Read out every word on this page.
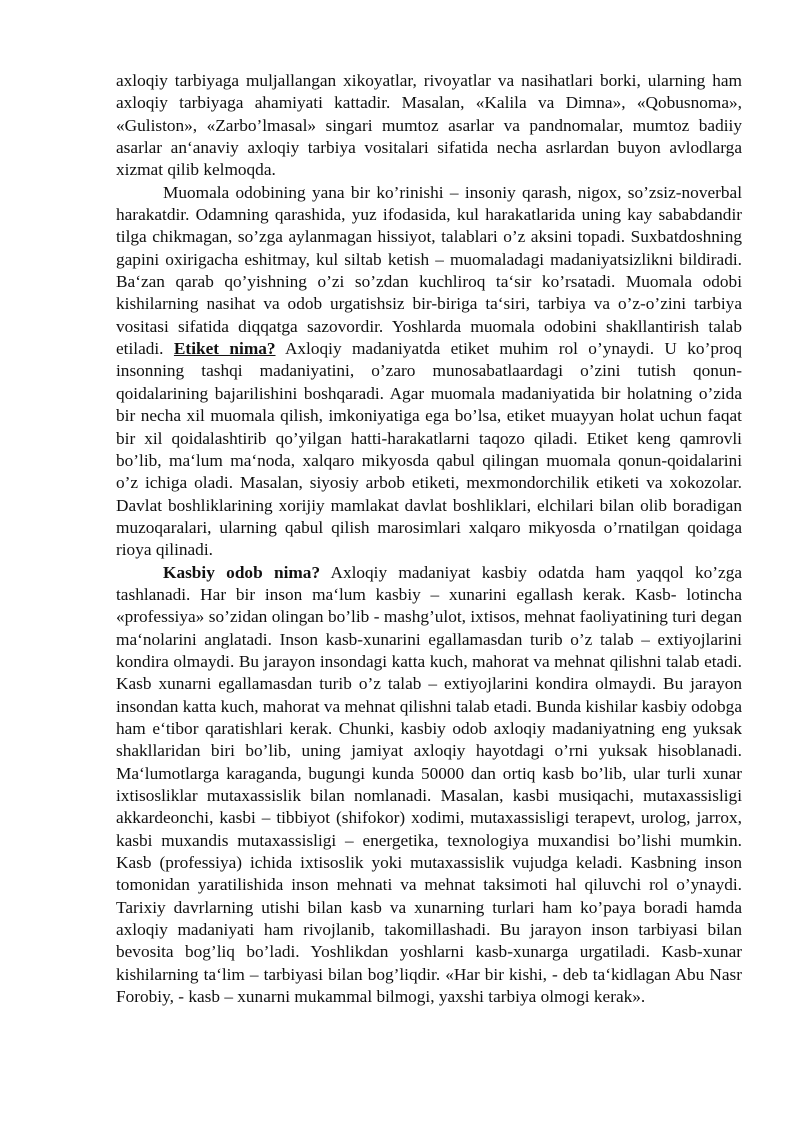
axloqiy tarbiyaga muljallangan xikoyatlar, rivoyatlar va nasihatlari borki, ularning ham axloqiy tarbiyaga ahamiyati kattadir. Masalan, «Kalila va Dimna», «Qobusnoma», «Guliston», «Zarbo’lmasal» singari mumtoz asarlar va pandnomalar, mumtoz badiiy asarlar an‘anaviy axloqiy tarbiya vositalari sifatida necha asrlardan buyon avlodlarga xizmat qilib kelmoqda.

Muomala odobining yana bir ko’rinishi – insoniy qarash, nigox, so’zsiz-noverbal harakatdir. Odamning qarashida, yuz ifodasida, kul harakatlarida uning kay sababdandir tilga chikmagan, so’zga aylanmagan hissiyot, talablari o’z aksini topadi. Suxbatdoshning gapini oxirigacha eshitmay, kul siltab ketish – muomaladagi madaniyatsizlikni bildiradi. Ba‘zan qarab qo’yishning o’zi so’zdan kuchliroq ta‘sir ko’rsatadi. Muomala odobi kishilarning nasihat va odob urgatishsiz bir-biriga ta‘siri, tarbiya va o’z-o’zini tarbiya vositasi sifatida diqqatga sazovordir. Yoshlarda muomala odobini shakllantirish talab etiladi. Etiket nima? Axloqiy madaniyatda etiket muhim rol o’ynaydi. U ko’proq insonning tashqi madaniyatini, o’zaro munosabatlaardagi o’zini tutish qonun-qoidalarining bajarilishini boshqaradi. Agar muomala madaniyatida bir holatning o’zida bir necha xil muomala qilish, imkoniyatiga ega bo’lsa, etiket muayyan holat uchun faqat bir xil qoidalashtirib qo’yilgan hatti-harakatlarni taqozo qiladi. Etiket keng qamrovli bo’lib, ma‘lum ma‘noda, xalqaro mikyosda qabul qilingan muomala qonun-qoidalarini o’z ichiga oladi. Masalan, siyosiy arbob etiketi, mexmondorchilik etiketi va xokozolar. Davlat boshliklarining xorijiy mamlakat davlat boshliklari, elchilari bilan olib boradigan muzoqaralari, ularning qabul qilish marosimlari xalqaro mikyosda o’rnatilgan qoidaga rioya qilinadi.

Kasbiy odob nima? Axloqiy madaniyat kasbiy odatda ham yaqqol ko’zga tashlanadi. Har bir inson ma‘lum kasbiy – xunarini egallash kerak. Kasb- lotincha «professiya» so’zidan olingan bo’lib - mashg’ulot, ixtisos, mehnat faoliyatining turi degan ma‘nolarini anglatadi. Inson kasb-xunarini egallamasdan turib o’z talab – extiyojlarini kondira olmaydi. Bu jarayon insondagi katta kuch, mahorat va mehnat qilishni talab etadi. Kasb xunarni egallamasdan turib o’z talab – extiyojlarini kondira olmaydi. Bu jarayon insondan katta kuch, mahorat va mehnat qilishni talab etadi. Bunda kishilar kasbiy odobga ham e‘tibor qaratishlari kerak. Chunki, kasbiy odob axloqiy madaniyatning eng yuksak shakllaridan biri bo’lib, uning jamiyat axloqiy hayotdagi o’rni yuksak hisoblanadi. Ma‘lumotlarga karaganda, bugungi kunda 50000 dan ortiq kasb bo’lib, ular turli xunar ixtisosliklar mutaxassislik bilan nomlanadi. Masalan, kasbi musiqachi, mutaxassisligi akkardeonchi, kasbi – tibbiyot (shifokor) xodimi, mutaxassisligi terapevt, urolog, jarrox, kasbi muxandis mutaxassisligi – energetika, texnologiya muxandisi bo’lishi mumkin. Kasb (professiya) ichida ixtisoslik yoki mutaxassislik vujudga keladi. Kasbning inson tomonidan yaratilishida inson mehnati va mehnat taksimoti hal qiluvchi rol o’ynaydi. Tarixiy davrlarning utishi bilan kasb va xunarning turlari ham ko’paya boradi hamda axloqiy madaniyati ham rivojlanib, takomillashadi. Bu jarayon inson tarbiyasi bilan bevosita bog’liq bo’ladi. Yoshlikdan yoshlarni kasb-xunarga urgatiladi. Kasb-xunar kishilarning ta‘lim – tarbiyasi bilan bog’liqdir. «Har bir kishi, - deb ta‘kidlagan Abu Nasr Forobiy, - kasb – xunarni mukammal bilmogi, yaxshi tarbiya olmogi kerak».
